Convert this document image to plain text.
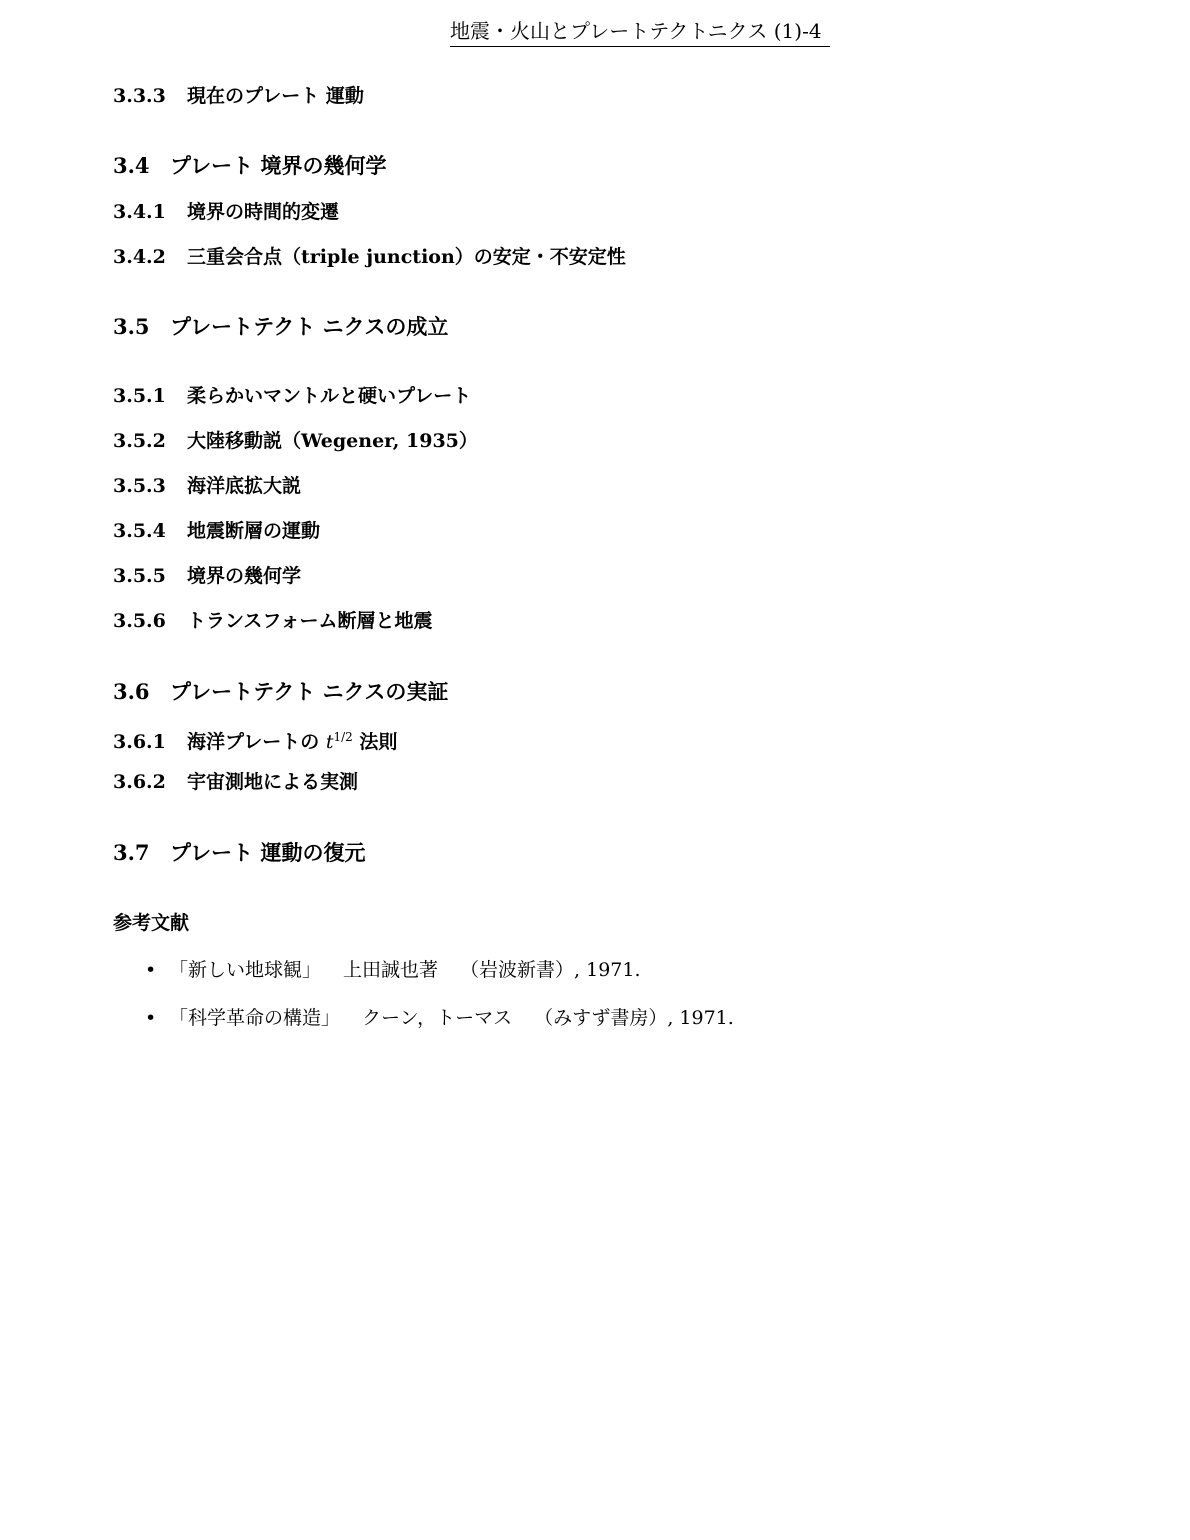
地震・火山とプレートテクトニクス (1)-4
3.3.3 現在のプレート 運動
3.4 プレート 境界の幾何学
3.4.1 境界の時間的変遷
3.4.2 三重会合点（triple junction）の安定・不安定性
3.5 プレートテクト ニクスの成立
3.5.1 柔らかいマントルと硬いプレート
3.5.2 大陸移動説（Wegener, 1935）
3.5.3 海洋底拡大説
3.5.4 地震断層の運動
3.5.5 境界の幾何学
3.5.6 トランスフォーム断層と地震
3.6 プレートテクト ニクスの実証
3.6.1 海洋プレートの $t^{1/2}$ 法則
3.6.2 宇宙測地による実測
3.7 プレート 運動の復元
参考文献
• 「新しい地球観」 上田誠也著 （岩波新書）, 1971.
• 「科学革命の構造」 クーン，トーマス （みすず書房）, 1971.
